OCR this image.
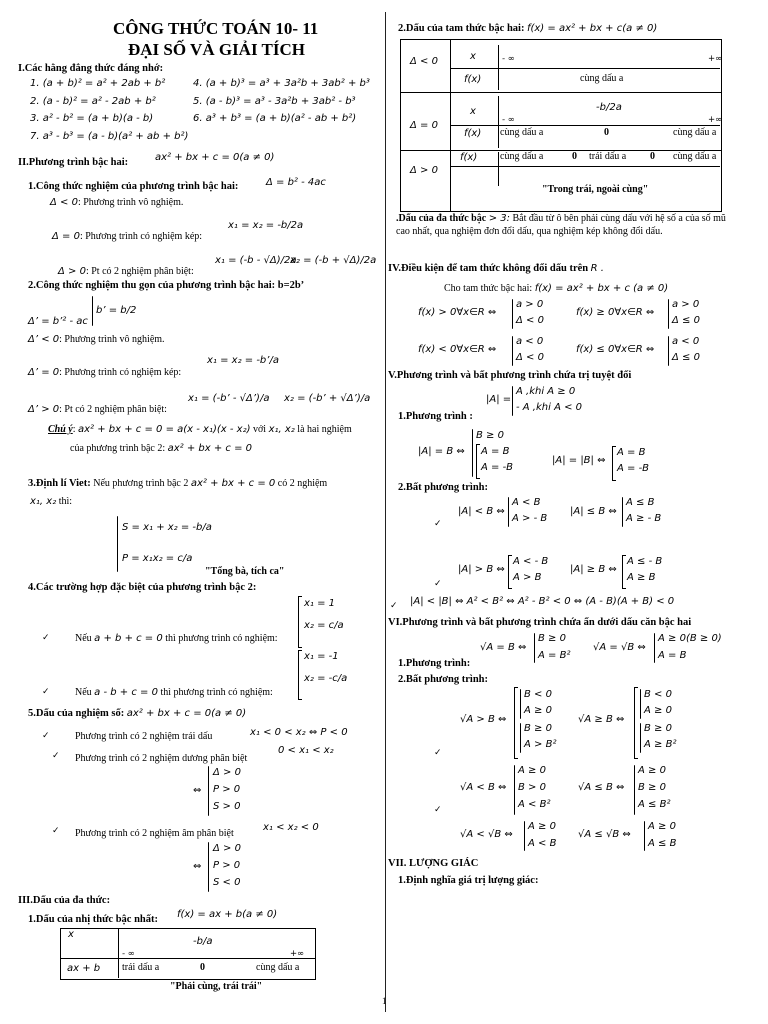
CÔNG THỨC TOÁN 10- 11
ĐẠI SỐ VÀ GIẢI TÍCH
I.Các hằng đẳng thức đáng nhớ:
1. (a + b)² = a² + 2ab + b²
2. (a - b)² = a² - 2ab + b²
3. a² - b² = (a + b)(a - b)
7. a³ - b³ = (a - b)(a² + ab + b²)
4. (a + b)³ = a³ + 3a²b + 3ab² + b³
5. (a - b)³ = a³ - 3a²b + 3ab² - b³
6. a³ + b³ = (a + b)(a² - ab + b²)
II.Phương trình bậc hai:	ax² + bx + c = 0(a ≠ 0)
1.Công thức nghiệm của phương trình bậc hai:	Δ = b² - 4ac
Δ < 0: Phương trình vô nghiệm.
Δ = 0: Phương trình có nghiệm kép:
x₁ = x₂ = -b/2a
Δ > 0: Pt có 2 nghiệm phân biệt:
x₁ = (-b - √Δ)/2a
x₂ = (-b + √Δ)/2a
2.Công thức nghiệm thu gọn của phương trình bậc hai: b=2b’
Δ’ = b’² - ac
b’ = b/2
Δ’ < 0: Phương trình vô nghiệm.
Δ’ = 0: Phương trình có nghiệm kép:
x₁ = x₂ = -b’/a
Δ’ > 0: Pt có 2 nghiệm phân biệt:
x₁ = (-b’ - √Δ’)/a x₂ = (-b’ + √Δ’)/a
Chú ý: ax² + bx + c = 0 = a(x - x₁)(x - x₂) với x₁, x₂ là hai nghiệm
của phương trình bậc 2: ax² + bx + c = 0
3.Định lí Viet: Nếu phương trình bậc 2 ax² + bx + c = 0 có 2 nghiệm
x₁, x₂ thì:
S = x₁ + x₂ = -b/a
P = x₁x₂ = c/a
"Tổng bà, tích ca"
4.Các trường hợp đặc biệt của phương trình bậc 2:
✓	Nếu a + b + c = 0 thì phương trình có nghiệm:
x₁ = 1
x₂ = c/a
✓	Nếu a - b + c = 0 thì phương trình có nghiệm:
x₁ = -1
x₂ = -c/a
5.Dấu của nghiệm số: ax² + bx + c = 0(a ≠ 0)
✓	Phương trình có 2 nghiệm trái dấu	x₁ < 0 < x₂ ⇔ P < 0
✓ Phương trình có 2 nghiệm dương phân biệt
0 < x₁ < x₂
⇔
Δ > 0
P > 0
S > 0
✓ Phương trình có 2 nghiệm âm phân biệt
x₁ < x₂ < 0
⇔
Δ > 0
P > 0
S < 0
III.Dấu của đa thức:
1.Dấu của nhị thức bậc nhất: f(x) = ax + b(a ≠ 0)
x
- ∞
-b/a
+∞
ax + b trái dấu a	0	cùng dấu a
"Phải cùng, trái trái"
2.Dấu của tam thức bậc hai: f(x) = ax² + bx + c(a ≠ 0)
Δ < 0	x	- ∞	+∞
f(x)	cùng dấu a
Δ = 0
x
- ∞
-b/2a
+∞
f(x) cùng dấu a	0	cùng dấu a
Δ > 0
f(x) cùng dấu a	0 trái dấu a 0 cùng dấu a
"Trong trái, ngoài cùng"
.Dấu của đa thức bậc > 3: Bắt đầu từ ô bên phải cùng dấu với hệ số a của số mũ cao nhất, qua nghiệm đơn đổi dấu, qua nghiệm kép không đổi dấu.
IV.Điều kiện để tam thức không đổi dấu trên R .
Cho tam thức bậc hai: f(x) = ax² + bx + c (a ≠ 0)
f(x) > 0∀x∈R ⇔
a > 0
Δ < 0
f(x) ≥ 0∀x∈R ⇔
a > 0
Δ ≤ 0
f(x) < 0∀x∈R ⇔
a < 0
Δ < 0
f(x) ≤ 0∀x∈R ⇔
a < 0
Δ ≤ 0
V.Phương trình và bất phương trình chứa trị tuyệt đối
|A| =
A ,khi A ≥ 0
- A ,khi A < 0
1.Phương trình :
|A| = B ⇔
B ≥ 0
A = B
A = -B
|A| = |B| ⇔
A = B
A = -B
2.Bất phương trình:
✓
|A| < B ⇔
A < B
A > - B
|A| ≤ B ⇔
A ≤ B
A ≥ - B
✓
|A| > B ⇔
A < - B
A > B
|A| ≥ B ⇔
A ≤ - B
A ≥ B
✓ |A| < |B| ⇔ A² < B² ⇔ A² - B² < 0 ⇔ (A - B)(A + B) < 0
VI.Phương trình và bất phương trình chứa ẩn dưới dấu căn bậc hai
1.Phương trình:
√A = B ⇔
B ≥ 0
A = B²
√A = √B ⇔
A ≥ 0(B ≥ 0)
A = B
2.Bất phương trình:
✓
√A > B ⇔
B < 0
A ≥ 0
B ≥ 0
A > B²
√A ≥ B ⇔
B < 0
A ≥ 0
B ≥ 0
A ≥ B²
✓
√A < B ⇔
A ≥ 0
B > 0
A < B²
√A ≤ B ⇔
A ≥ 0
B ≥ 0
A ≤ B²
√A < √B ⇔
A ≥ 0
A < B
√A ≤ √B ⇔
A ≥ 0
A ≤ B
VII. LƯỢNG GIÁC
1.Định nghĩa giá trị lượng giác:
1
